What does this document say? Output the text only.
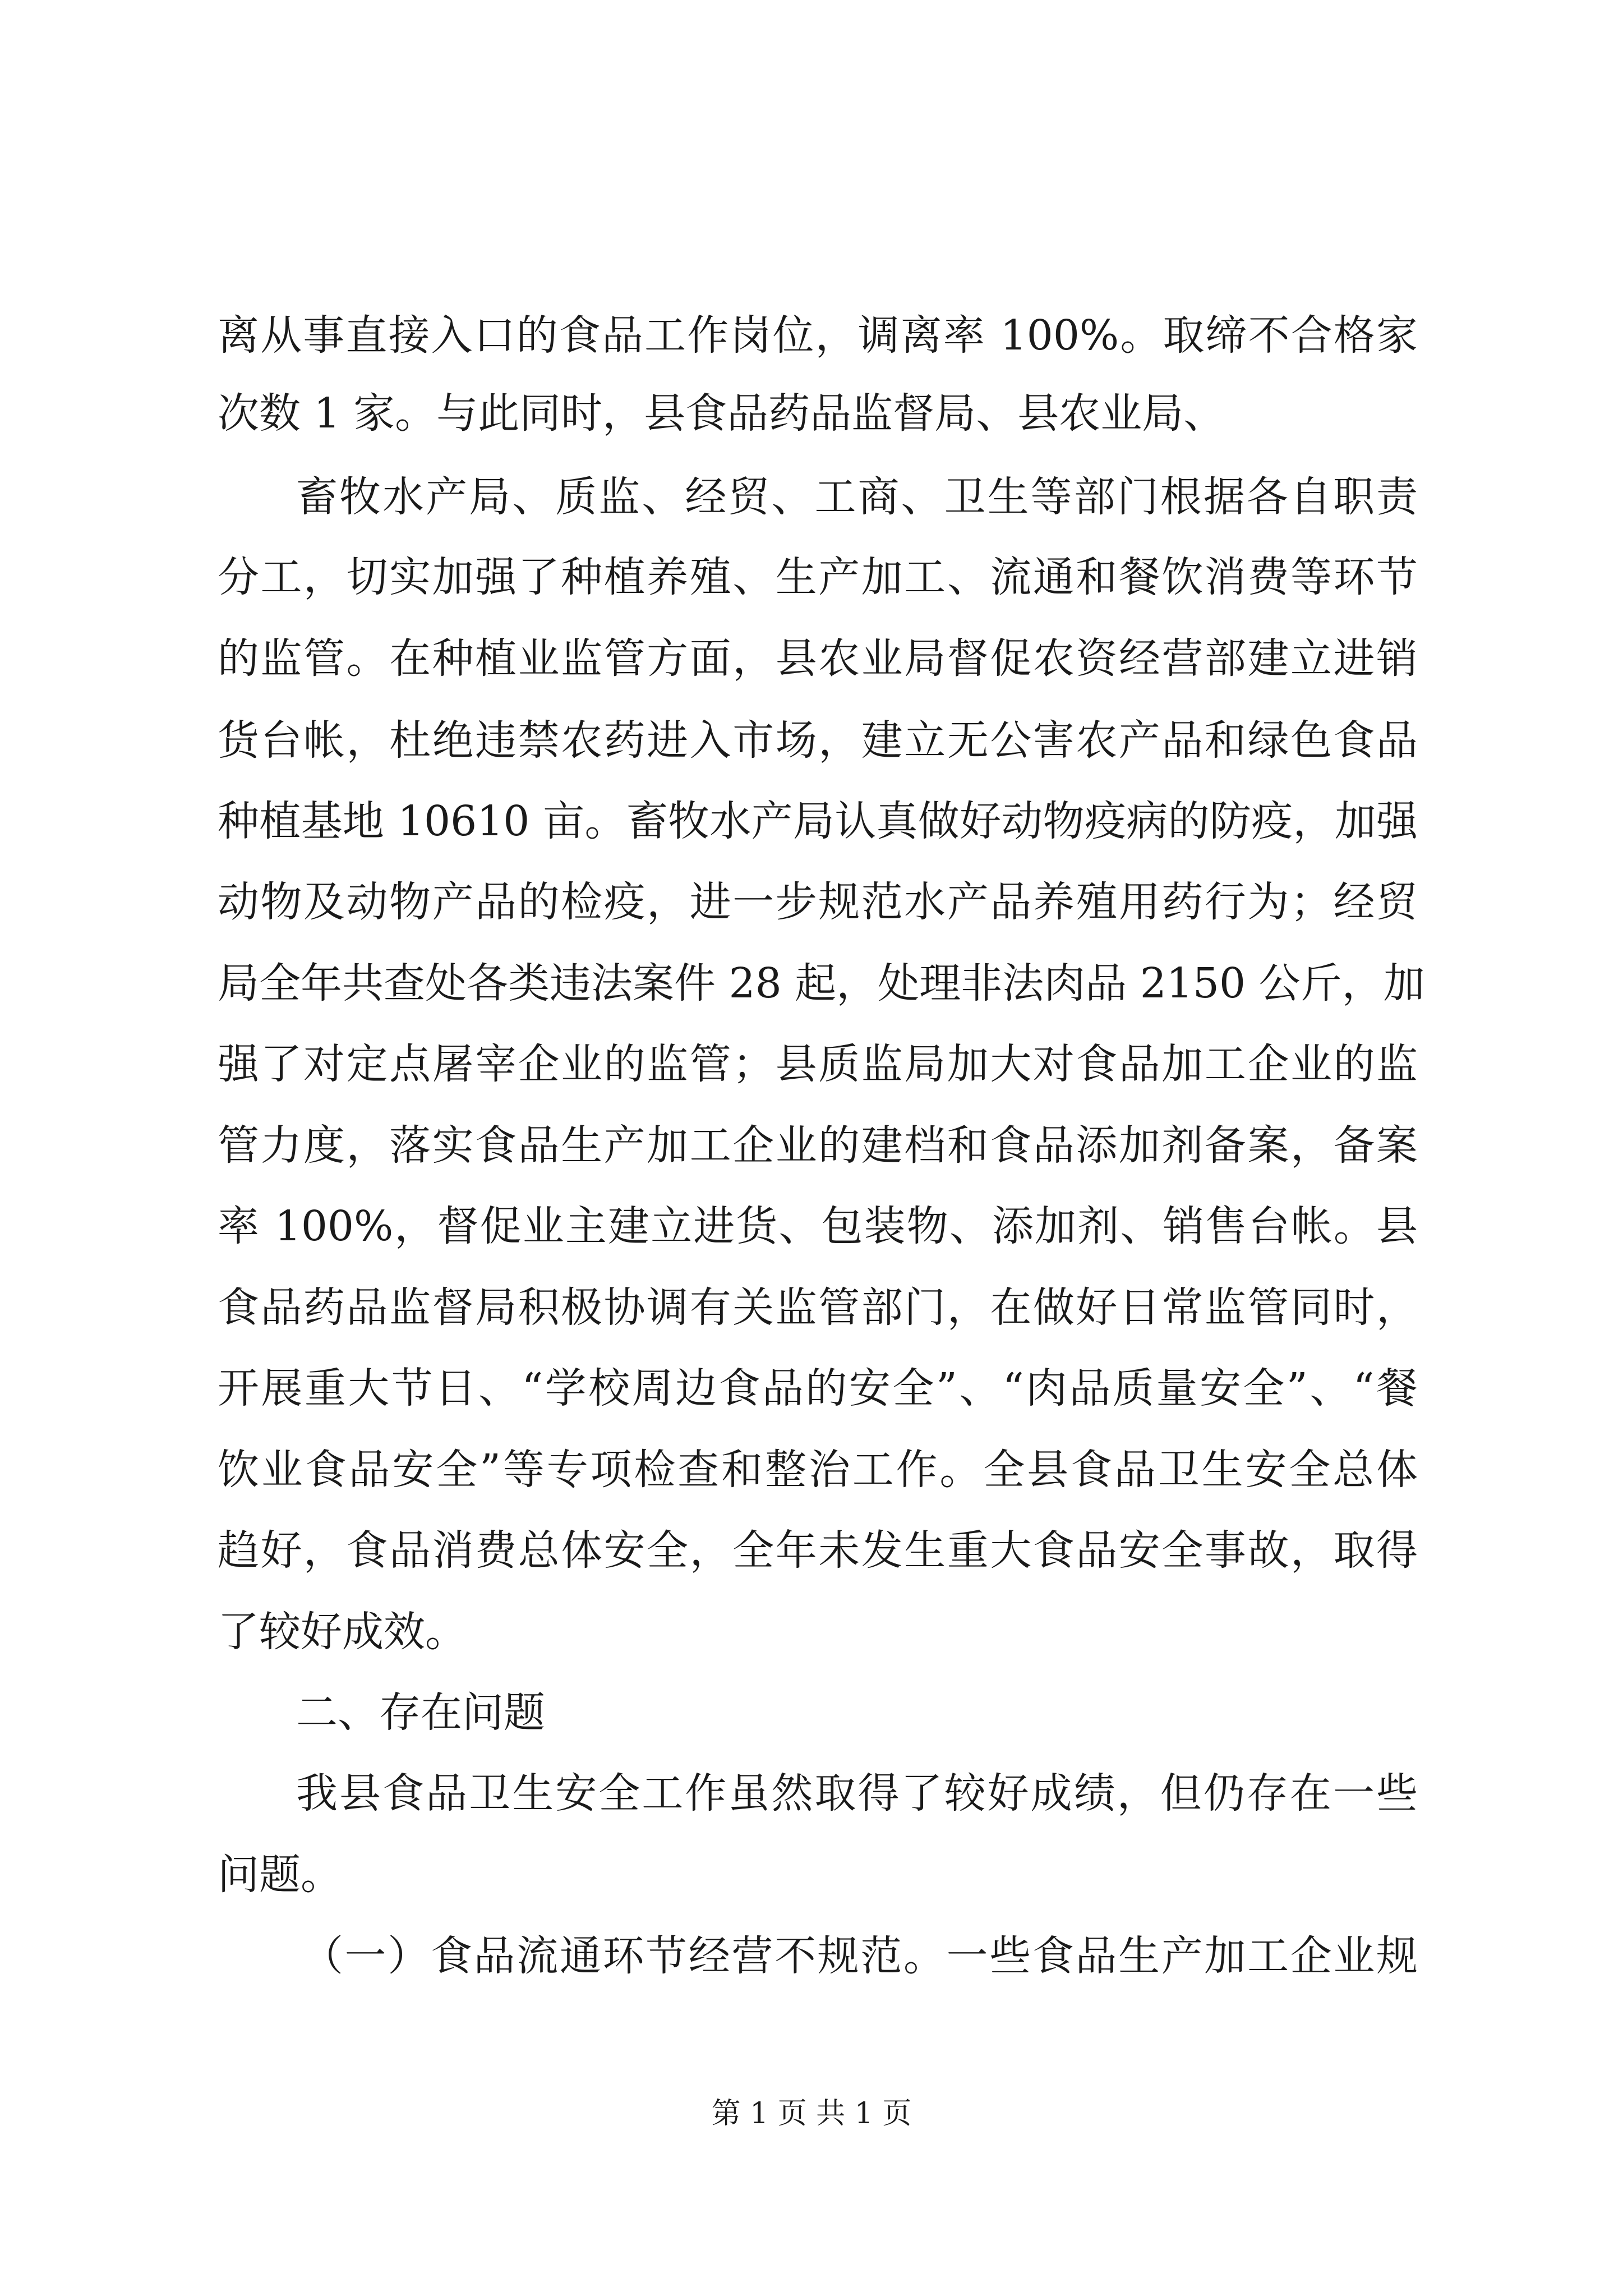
离从事直接入口的食品工作岗位，调离率 100%。取缔不合格家
次数 1 家。与此同时，县食品药品监督局、县农业局、
畜牧水产局、质监、经贸、工商、卫生等部门根据各自职责
分工，切实加强了种植养殖、生产加工、流通和餐饮消费等环节
的监管。在种植业监管方面，县农业局督促农资经营部建立进销
货台帐，杜绝违禁农药进入市场，建立无公害农产品和绿色食品
种植基地 10610 亩。畜牧水产局认真做好动物疫病的防疫，加强
动物及动物产品的检疫，进一步规范水产品养殖用药行为；经贸
局全年共查处各类违法案件 28 起，处理非法肉品 2150 公斤，加
强了对定点屠宰企业的监管；县质监局加大对食品加工企业的监
管力度，落实食品生产加工企业的建档和食品添加剂备案，备案
率 100%，督促业主建立进货、包装物、添加剂、销售台帐。县
食品药品监督局积极协调有关监管部门，在做好日常监管同时，
开展重大节日、“学校周边食品的安全”、“肉品质量安全”、“餐
饮业食品安全”等专项检查和整治工作。全县食品卫生安全总体
趋好，食品消费总体安全，全年未发生重大食品安全事故，取得
了较好成效。
二、存在问题
我县食品卫生安全工作虽然取得了较好成绩，但仍存在一些
问题。
（一）食品流通环节经营不规范。一些食品生产加工企业规
第 1 页 共 1 页
